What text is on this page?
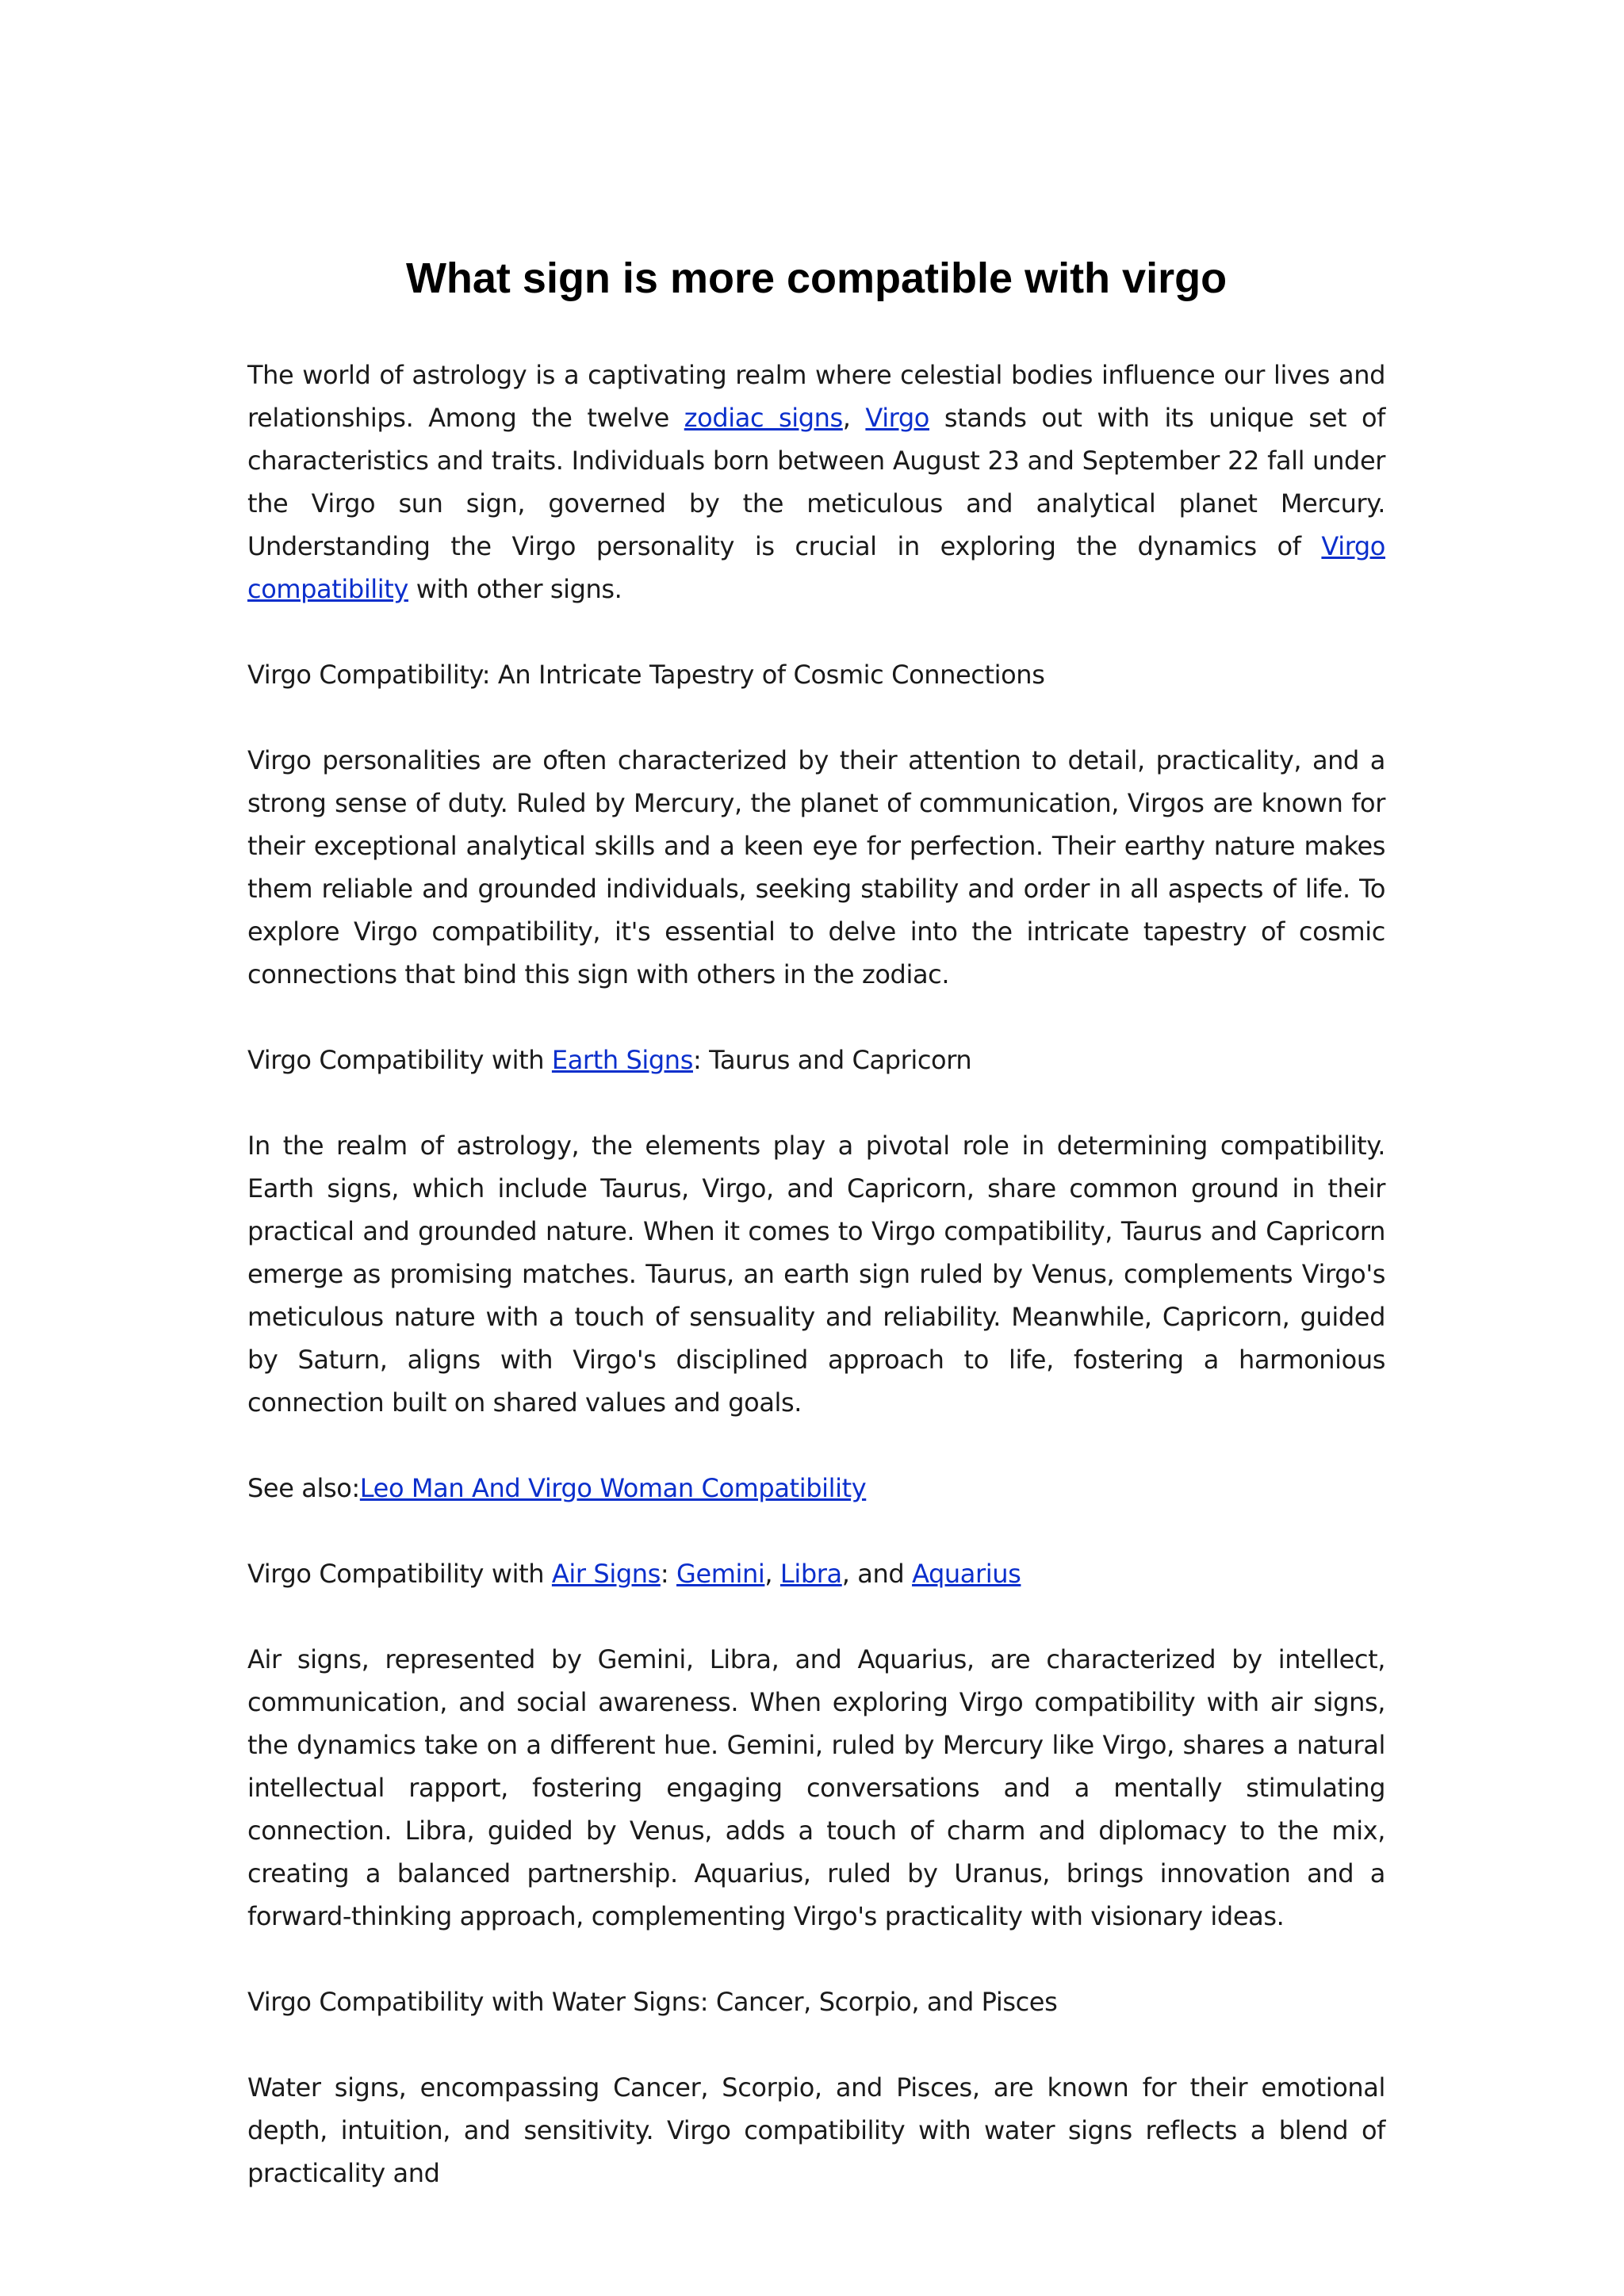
What sign is more compatible with virgo

The world of astrology is a captivating realm where celestial bodies influence our lives and relationships. Among the twelve zodiac signs, Virgo stands out with its unique set of characteristics and traits. Individuals born between August 23 and September 22 fall under the Virgo sun sign, governed by the meticulous and analytical planet Mercury. Understanding the Virgo personality is crucial in exploring the dynamics of Virgo compatibility with other signs.

Virgo Compatibility: An Intricate Tapestry of Cosmic Connections

Virgo personalities are often characterized by their attention to detail, practicality, and a strong sense of duty. Ruled by Mercury, the planet of communication, Virgos are known for their exceptional analytical skills and a keen eye for perfection. Their earthy nature makes them reliable and grounded individuals, seeking stability and order in all aspects of life. To explore Virgo compatibility, it's essential to delve into the intricate tapestry of cosmic connections that bind this sign with others in the zodiac.

Virgo Compatibility with Earth Signs: Taurus and Capricorn

In the realm of astrology, the elements play a pivotal role in determining compatibility. Earth signs, which include Taurus, Virgo, and Capricorn, share common ground in their practical and grounded nature. When it comes to Virgo compatibility, Taurus and Capricorn emerge as promising matches. Taurus, an earth sign ruled by Venus, complements Virgo's meticulous nature with a touch of sensuality and reliability. Meanwhile, Capricorn, guided by Saturn, aligns with Virgo's disciplined approach to life, fostering a harmonious connection built on shared values and goals.

See also:Leo Man And Virgo Woman Compatibility

Virgo Compatibility with Air Signs: Gemini, Libra, and Aquarius

Air signs, represented by Gemini, Libra, and Aquarius, are characterized by intellect, communication, and social awareness. When exploring Virgo compatibility with air signs, the dynamics take on a different hue. Gemini, ruled by Mercury like Virgo, shares a natural intellectual rapport, fostering engaging conversations and a mentally stimulating connection. Libra, guided by Venus, adds a touch of charm and diplomacy to the mix, creating a balanced partnership. Aquarius, ruled by Uranus, brings innovation and a forward-thinking approach, complementing Virgo's practicality with visionary ideas.

Virgo Compatibility with Water Signs: Cancer, Scorpio, and Pisces

Water signs, encompassing Cancer, Scorpio, and Pisces, are known for their emotional depth, intuition, and sensitivity. Virgo compatibility with water signs reflects a blend of practicality and
